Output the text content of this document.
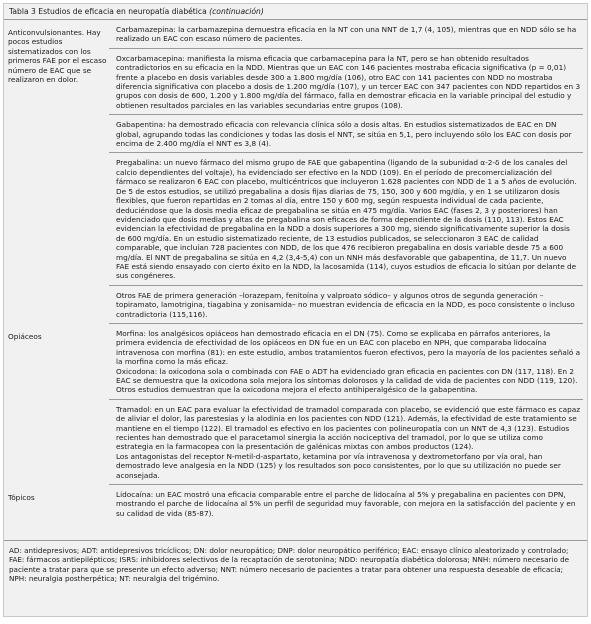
Tabla 3 Estudios de eficacia en neuropatía diabética (continuación)
Anticonvulsionantes. Hay pocos estudios sistematizados con los primeros FAE por el escaso número de EAC que se realizaron en dolor.

Carbamazepina: la carbamazepina demuestra eficacia en la NT con una NNT de 1,7 (4, 105), mientras que en NDD sólo se ha realizado un EAC con escaso número de pacientes.

Oxcarbamacepina: manifiesta la misma eficacia que carbamacepina para la NT, pero se han obtenido resultados contradictorios en su eficacia en la NDD. Mientras que un EAC con 146 pacientes mostraba eficacia significativa (p = 0,01) frente a placebo en dosis variables desde 300 a 1.800 mg/día (106), otro EAC con 141 pacientes con NDD no mostraba diferencia significativa con placebo a dosis de 1.200 mg/día (107), y un tercer EAC con 347 pacientes con NDD repartidos en 3 grupos con dosis de 600, 1.200 y 1.800 mg/día del fármaco, falla en demostrar eficacia en la variable principal del estudio y obtienen resultados parciales en las variables secundarias entre grupos (108).

Gabapentina: ha demostrado eficacia con relevancia clínica sólo a dosis altas. En estudios sistematizados de EAC en DN global, agrupando todas las condiciones y todas las dosis el NNT, se sitúa en 5,1, pero incluyendo sólo los EAC con dosis por encima de 2.400 mg/día el NNT es 3,8 (4).

Pregabalina: un nuevo fármaco del mismo grupo de FAE que gabapentina (ligando de la subunidad α-2-δ de los canales del calcio dependientes del voltaje), ha evidenciado ser efectivo en la NDD (109). En el período de precomercialización del fármaco se realizaron 6 EAC con placebo, multicéntricos que incluyeron 1.628 pacientes con NDD de 1 a 5 años de evolución. De 5 de estos estudios, se utilizó pregabalina a dosis fijas diarias de 75, 150, 300 y 600 mg/día, y en 1 se utilizaron dosis flexibles, que fueron repartidas en 2 tomas al día, entre 150 y 600 mg, según respuesta individual de cada paciente, deduciéndose que la dosis media eficaz de pregabalina se sitúa en 475 mg/día. Varios EAC (fases 2, 3 y posteriores) han evidenciado que dosis medias y altas de pregabalina son eficaces de forma dependiente de la dosis (110, 113). Estos EAC evidencian la efectividad de pregabalina en la NDD a dosis superiores a 300 mg, siendo significativamente superior la dosis de 600 mg/día. En un estudio sistematizado reciente, de 13 estudios publicados, se seleccionaron 3 EAC de calidad comparable, que incluían 728 pacientes con NDD, de los que 476 recibieron pregabalina en dosis variable desde 75 a 600 mg/día. El NNT de pregabalina se sitúa en 4,2 (3,4-5,4) con un NNH más desfavorable que gabapentina, de 11,7. Un nuevo FAE está siendo ensayado con cierto éxito en la NDD, la lacosamida (114), cuyos estudios de eficacia lo sitúan por delante de sus congéneres.

Otros FAE de primera generación –lorazepam, fenitoína y valproato sódico– y algunos otros de segunda generación –topiramato, lamotrigina, tiagabina y zonisamida– no muestran evidencia de eficacia en la NDD, es poco consistente o incluso contradictoria (115,116).

Opiáceos	Morfina: los analgésicos opiáceos han demostrado eficacia en el DN (75). Como se explicaba en párrafos anteriores, la primera evidencia de efectividad de los opiáceos en DN fue en un EAC con placebo en NPH, que comparaba lidocaína intravenosa con morfina (81): en este estudio, ambos tratamientos fueron efectivos, pero la mayoría de los pacientes señaló a la morfina como la más eficaz.

Oxicodona: la oxicodona sola o combinada con FAE o ADT ha evidenciado gran eficacia en pacientes con DN (117, 118). En 2 EAC se demuestra que la oxicodona sola mejora los síntomas dolorosos y la calidad de vida de pacientes con NDD (119, 120). Otros estudios demuestran que la oxicodona mejora el efecto antihiperalgésico de la gabapentina.

Tramadol: en un EAC para evaluar la efectividad de tramadol comparada con placebo, se evidenció que este fármaco es capaz de aliviar el dolor, las parestesias y la alodinia en los pacientes con NDD (121). Además, la efectividad de este tratamiento se mantiene en el tiempo (122). El tramadol es efectivo en los pacientes con polineuropatía con un NNT de 4,3 (123). Estudios recientes han demostrado que el paracetamol sinergia la acción nociceptiva del tramadol, por lo que se utiliza como estrategia en la farmacopea con la presentación de galénicas mixtas con ambos productos (124).

Los antagonistas del receptor N-metil-d-aspartato, ketamina por vía intravenosa y dextrometorfano por vía oral, han demostrado leve analgesia en la NDD (125) y los resultados son poco consistentes, por lo que su utilización no puede ser aconsejada.

Tópicos	Lidocaína: un EAC mostró una eficacia comparable entre el parche de lidocaína al 5% y pregabalina en pacientes con DPN, mostrando el parche de lidocaína al 5% un perfil de seguridad muy favorable, con mejora en la satisfacción del paciente y en su calidad de vida (85-87).

AD: antidepresivos; ADT: antidepresivos tricíclicos; DN: dolor neuropático; DNP: dolor neuropático periférico; EAC: ensayo clínico aleatorizado y controlado; FAE: fármacos antiepilépticos; ISRS: inhibidores selectivos de la recaptación de serotonina; NDD: neuropatía diabética dolorosa; NNH: número necesario de paciente a tratar para que se presente un efecto adverso; NNT: número necesario de pacientes a tratar para obtener una respuesta deseable de eficacia; NPH: neuralgia postherpética; NT: neuralgia del trigémino.
